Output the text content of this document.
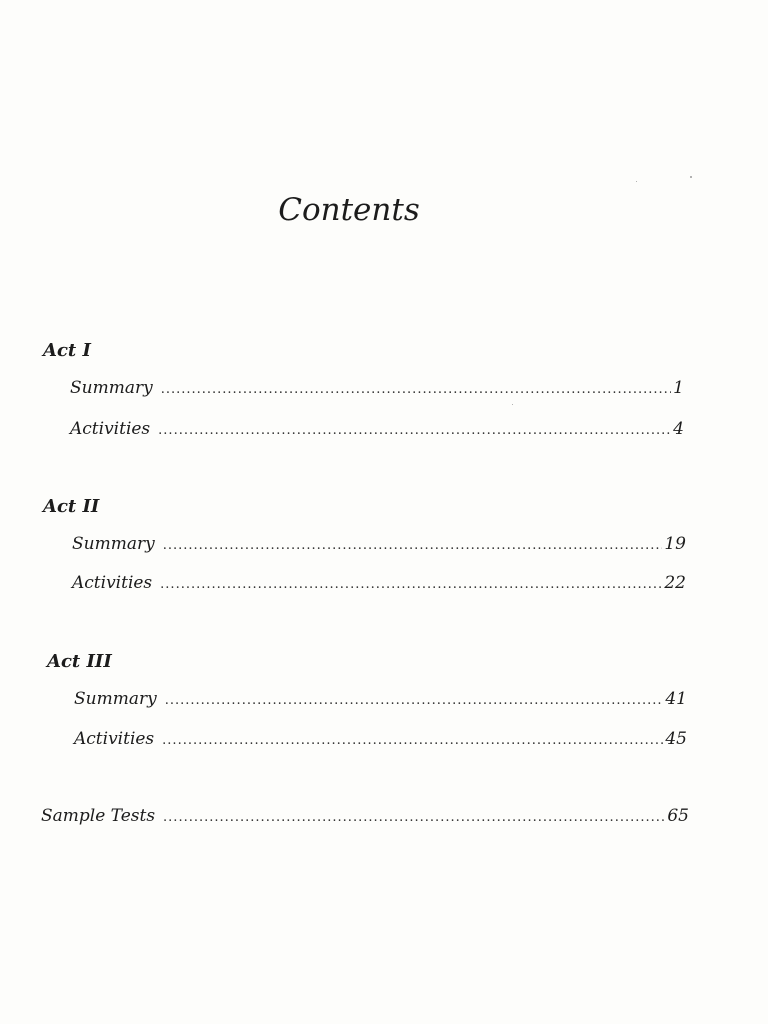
Contents
Act I
Summary .....	1
Activities .....	4
Act II
Summary .....	19
Activities .....	22
Act III
Summary .....	41
Activities .....	45
Sample Tests .....	65
